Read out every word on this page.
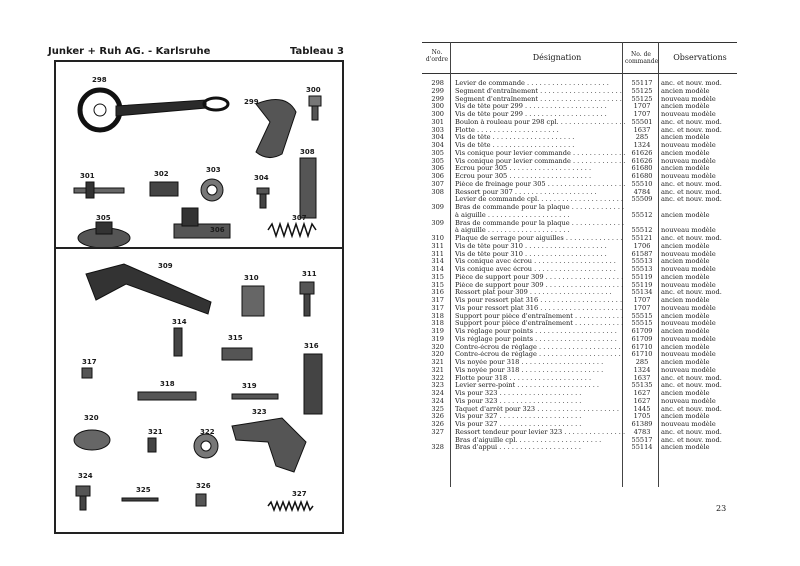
Junker + Ruh AG. - Karlsruhe	Tableau 3
298
299
300
308
301	302	303
304
305
306
307
309
310	311
314
315
316
317
318	319
320
321	322
323
324
325	326
327
No.
d'ordre	Désignation	No. de
commande	Observations
298 Levier de commande . . .	55117	anc. et nouv. mod.
299 Segment d'entraînement . . .	55125	ancien modèle
299 Segment d'entraînement . . .	55125	nouveau modèle
300 Vis de tête pour 299 . . .	1707	ancien modèle
300 Vis de tête pour 299 . . .	1707	nouveau modèle
301 Boulon à rouleau pour 298 cpl. . . .	55501	anc. et nouv. mod.
303 Flotte . . .	1637	anc. et nouv. mod.
304 Vis de tête . . .	285	ancien modèle
304 Vis de tête . . .	1324	nouveau modèle
305 Vis conique pour levier commande . . .	61626	ancien modèle
305 Vis conique pour levier commande . . .	61626	nouveau modèle
306 Ecrou pour 305 . . .	61680	ancien modèle
306 Ecrou pour 305 . . .	61680	nouveau modèle
307 Pièce de freinage pour 305 . . .	55510	anc. et nouv. mod.
308 Ressort pour 307 . . .	4784	anc. et nouv. mod.
Levier de commande cpl. . . .	55509	anc. et nouv. mod.
309 Bras de commande pour la plaque . . .
à aiguille . . .	55512	ancien modèle
309 Bras de commande pour la plaque . . .
à aiguille . . .	55512	nouveau modèle
310 Plaque de serrage pour aiguilles . . .	55121	anc. et nouv. mod.
311 Vis de tête pour 310 . . .	1706	ancien modèle
311 Vis de tête pour 310 . . .	61587	nouveau modèle
314 Vis conique avec écrou . . .	55513	ancien modèle
314 Vis conique avec écrou . . .	55513	nouveau modèle
315 Pièce de support pour 309 . . .	55119	ancien modèle
315 Pièce de support pour 309 . . .	55119	nouveau modèle
316 Ressort plat pour 309 . . .	55134	anc. et nouv. mod.
317 Vis pour ressort plat 316 . . .	1707	ancien modèle
317 Vis pour ressort plat 316 . . .	1707	nouveau modèle
318 Support pour pièce d'entraînement . . .	55515	ancien modèle
318 Support pour pièce d'entraînement . . .	55515	nouveau modèle
319 Vis réglage pour points . . .	61709	ancien modèle
319 Vis réglage pour points . . .	61709	nouveau modèle
320 Contre-écrou de réglage . . .	61710	ancien modèle
320 Contre-écrou de réglage . . .	61710	nouveau modèle
321 Vis noyée pour 318 . . .	285	ancien modèle
321 Vis noyée pour 318 . . .	1324	nouveau modèle
322 Flotte pour 318 . . .	1637	anc. et nouv. mod.
323 Levier serre-point . . .	55135	anc. et nouv. mod.
324 Vis pour 323 . . .	1627	ancien modèle
324 Vis pour 323 . . .	1627	nouveau modèle
325 Taquet d'arrêt pour 323 . . .	1445	anc. et nouv. mod.
326 Vis pour 327 . . .	1705	ancien modèle
326 Vis pour 327 . . .	61389	nouveau modèle
327 Ressort tendeur pour levier 323 . . .	4783	anc. et nouv. mod.
Bras d'aiguille cpl. . . .	55517	anc. et nouv. mod.
328 Bras d'appui . . .	55114	ancien modèle
23
